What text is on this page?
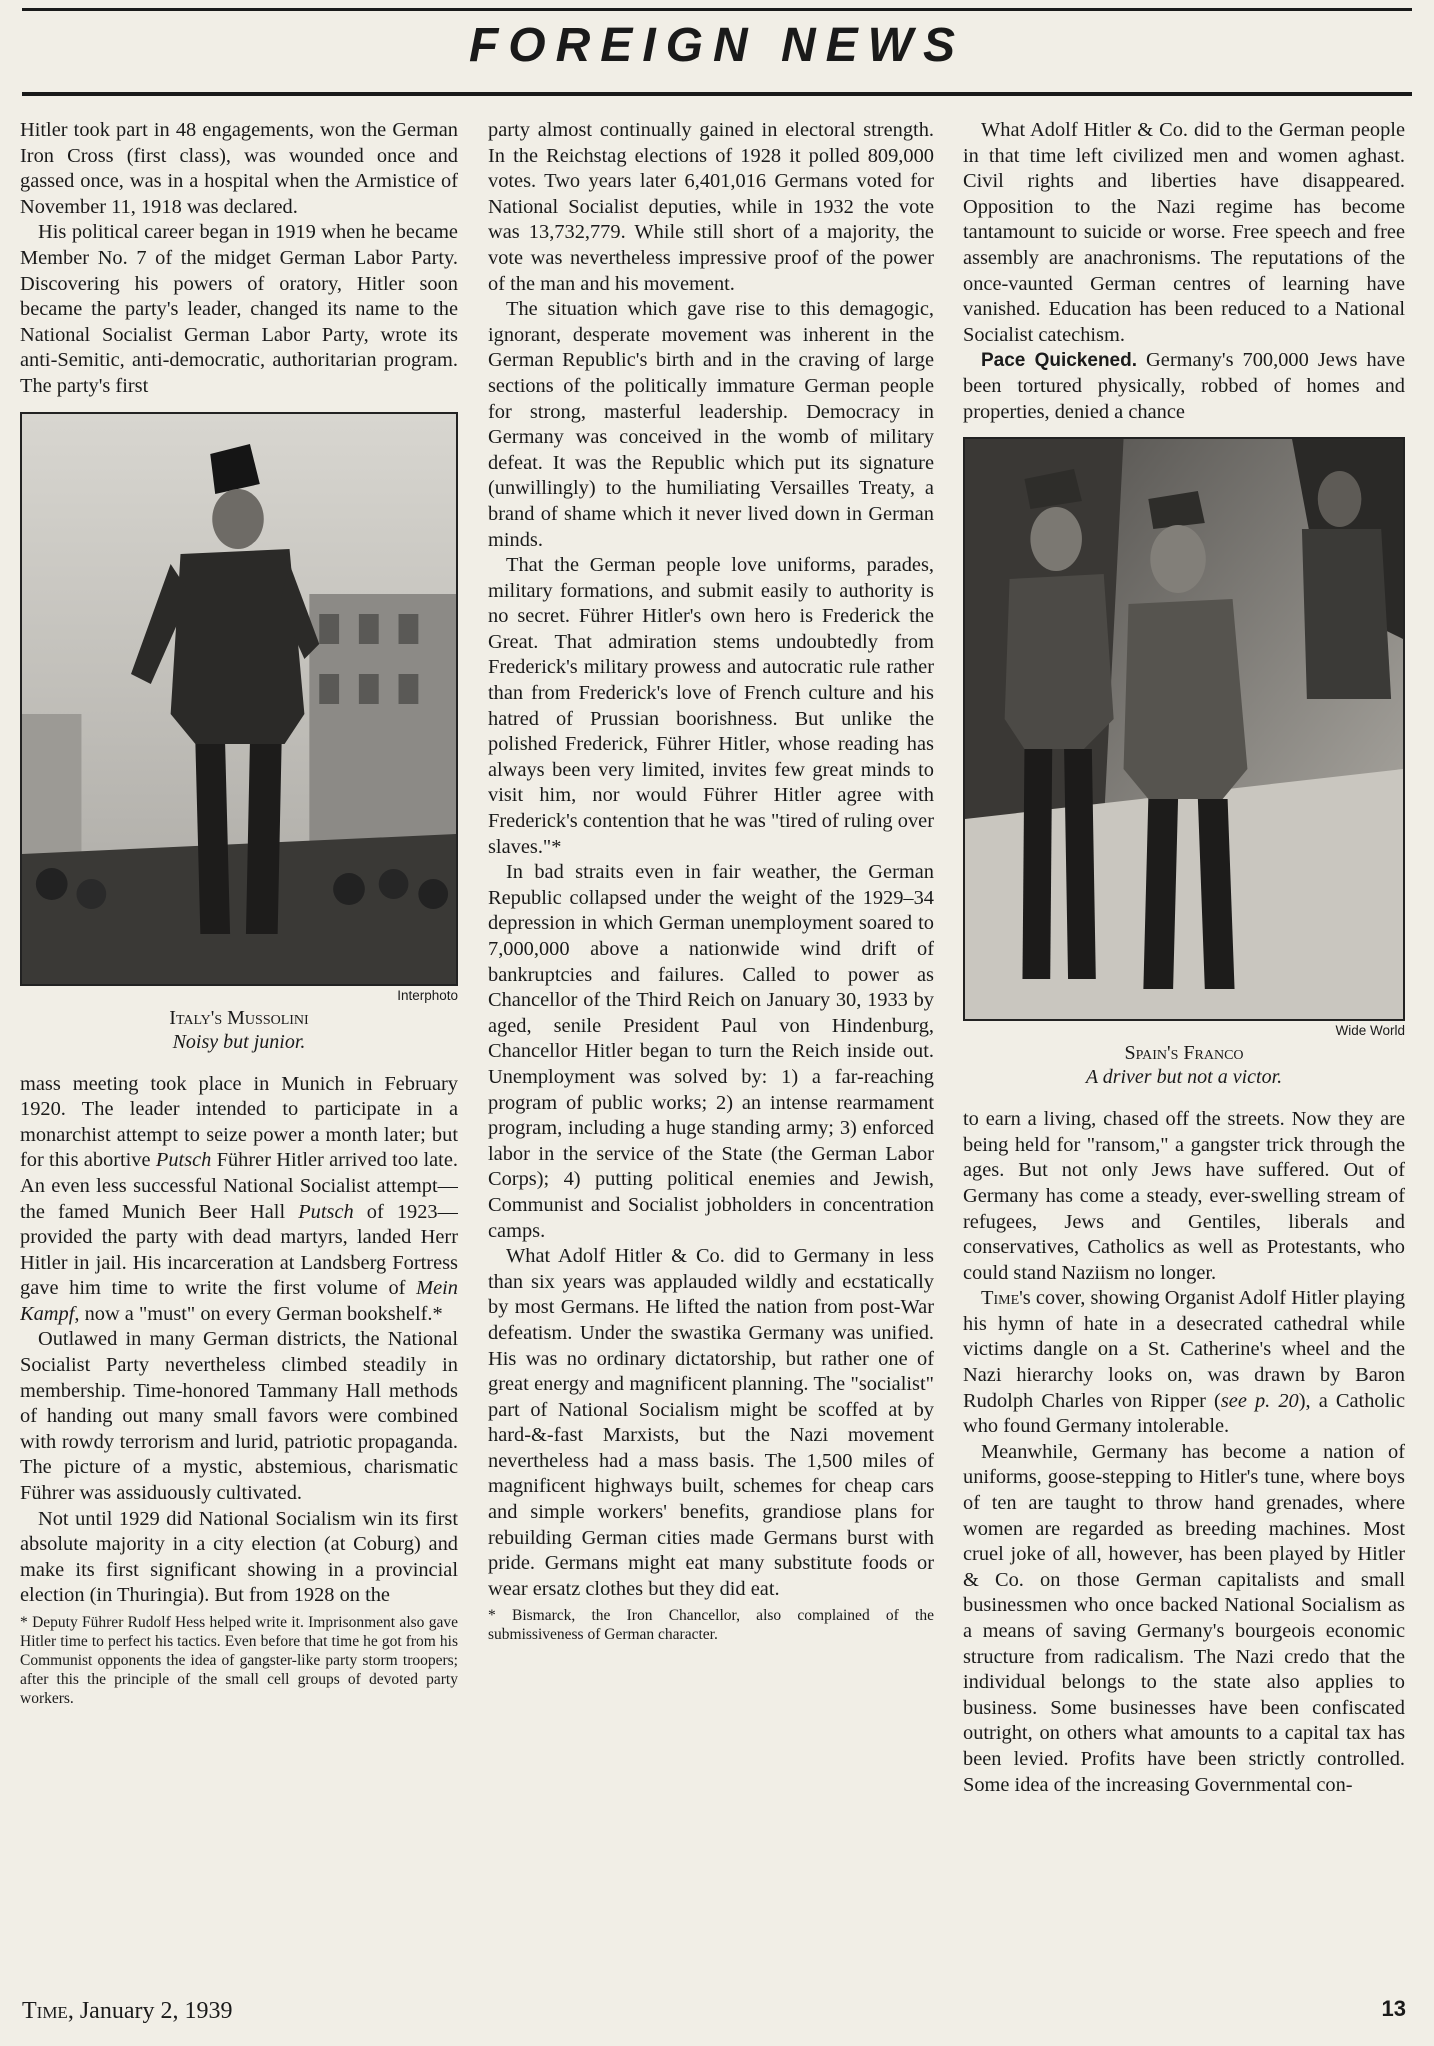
FOREIGN NEWS

Hitler took part in 48 engagements, won the German Iron Cross (first class), was wounded once and gassed once, was in a hospital when the Armistice of November 11, 1918 was declared.

His political career began in 1919 when he became Member No. 7 of the midget German Labor Party. Discovering his powers of oratory, Hitler soon became the party's leader, changed its name to the National Socialist German Labor Party, wrote its anti-Semitic, anti-democratic, authoritarian program. The party's first

Interphoto
Italy's Mussolini
Noisy but junior.

mass meeting took place in Munich in February 1920. The leader intended to participate in a monarchist attempt to seize power a month later; but for this abortive Putsch Führer Hitler arrived too late. An even less successful National Socialist attempt—the famed Munich Beer Hall Putsch of 1923—provided the party with dead martyrs, landed Herr Hitler in jail. His incarceration at Landsberg Fortress gave him time to write the first volume of Mein Kampf, now a "must" on every German bookshelf.*

Outlawed in many German districts, the National Socialist Party nevertheless climbed steadily in membership. Time-honored Tammany Hall methods of handing out many small favors were combined with rowdy terrorism and lurid, patriotic propaganda. The picture of a mystic, abstemious, charismatic Führer was assiduously cultivated.

Not until 1929 did National Socialism win its first absolute majority in a city election (at Coburg) and make its first significant showing in a provincial election (in Thuringia). But from 1928 on the

* Deputy Führer Rudolf Hess helped write it. Imprisonment also gave Hitler time to perfect his tactics. Even before that time he got from his Communist opponents the idea of gangster-like party storm troopers; after this the principle of the small cell groups of devoted party workers.

party almost continually gained in electoral strength. In the Reichstag elections of 1928 it polled 809,000 votes. Two years later 6,401,016 Germans voted for National Socialist deputies, while in 1932 the vote was 13,732,779. While still short of a majority, the vote was nevertheless impressive proof of the power of the man and his movement.

The situation which gave rise to this demagogic, ignorant, desperate movement was inherent in the German Republic's birth and in the craving of large sections of the politically immature German people for strong, masterful leadership. Democracy in Germany was conceived in the womb of military defeat. It was the Republic which put its signature (unwillingly) to the humiliating Versailles Treaty, a brand of shame which it never lived down in German minds.

That the German people love uniforms, parades, military formations, and submit easily to authority is no secret. Führer Hitler's own hero is Frederick the Great. That admiration stems undoubtedly from Frederick's military prowess and autocratic rule rather than from Frederick's love of French culture and his hatred of Prussian boorishness. But unlike the polished Frederick, Führer Hitler, whose reading has always been very limited, invites few great minds to visit him, nor would Führer Hitler agree with Frederick's contention that he was "tired of ruling over slaves."*

In bad straits even in fair weather, the German Republic collapsed under the weight of the 1929–34 depression in which German unemployment soared to 7,000,000 above a nationwide wind drift of bankruptcies and failures. Called to power as Chancellor of the Third Reich on January 30, 1933 by aged, senile President Paul von Hindenburg, Chancellor Hitler began to turn the Reich inside out. Unemployment was solved by: 1) a far-reaching program of public works; 2) an intense rearmament program, including a huge standing army; 3) enforced labor in the service of the State (the German Labor Corps); 4) putting political enemies and Jewish, Communist and Socialist jobholders in concentration camps.

What Adolf Hitler & Co. did to Germany in less than six years was applauded wildly and ecstatically by most Germans. He lifted the nation from post-War defeatism. Under the swastika Germany was unified. His was no ordinary dictatorship, but rather one of great energy and magnificent planning. The "socialist" part of National Socialism might be scoffed at by hard-&-fast Marxists, but the Nazi movement nevertheless had a mass basis. The 1,500 miles of magnificent highways built, schemes for cheap cars and simple workers' benefits, grandiose plans for rebuilding German cities made Germans burst with pride. Germans might eat many substitute foods or wear ersatz clothes but they did eat.

* Bismarck, the Iron Chancellor, also complained of the submissiveness of German character.

What Adolf Hitler & Co. did to the German people in that time left civilized men and women aghast. Civil rights and liberties have disappeared. Opposition to the Nazi regime has become tantamount to suicide or worse. Free speech and free assembly are anachronisms. The reputations of the once-vaunted German centres of learning have vanished. Education has been reduced to a National Socialist catechism.

Pace Quickened. Germany's 700,000 Jews have been tortured physically, robbed of homes and properties, denied a chance

Wide World
Spain's Franco
A driver but not a victor.

to earn a living, chased off the streets. Now they are being held for "ransom," a gangster trick through the ages. But not only Jews have suffered. Out of Germany has come a steady, ever-swelling stream of refugees, Jews and Gentiles, liberals and conservatives, Catholics as well as Protestants, who could stand Naziism no longer.

Time's cover, showing Organist Adolf Hitler playing his hymn of hate in a desecrated cathedral while victims dangle on a St. Catherine's wheel and the Nazi hierarchy looks on, was drawn by Baron Rudolph Charles von Ripper (see p. 20), a Catholic who found Germany intolerable.

Meanwhile, Germany has become a nation of uniforms, goose-stepping to Hitler's tune, where boys of ten are taught to throw hand grenades, where women are regarded as breeding machines. Most cruel joke of all, however, has been played by Hitler & Co. on those German capitalists and small businessmen who once backed National Socialism as a means of saving Germany's bourgeois economic structure from radicalism. The Nazi credo that the individual belongs to the state also applies to business. Some businesses have been confiscated outright, on others what amounts to a capital tax has been levied. Profits have been strictly controlled. Some idea of the increasing Governmental con-

Time, January 2, 1939	13
